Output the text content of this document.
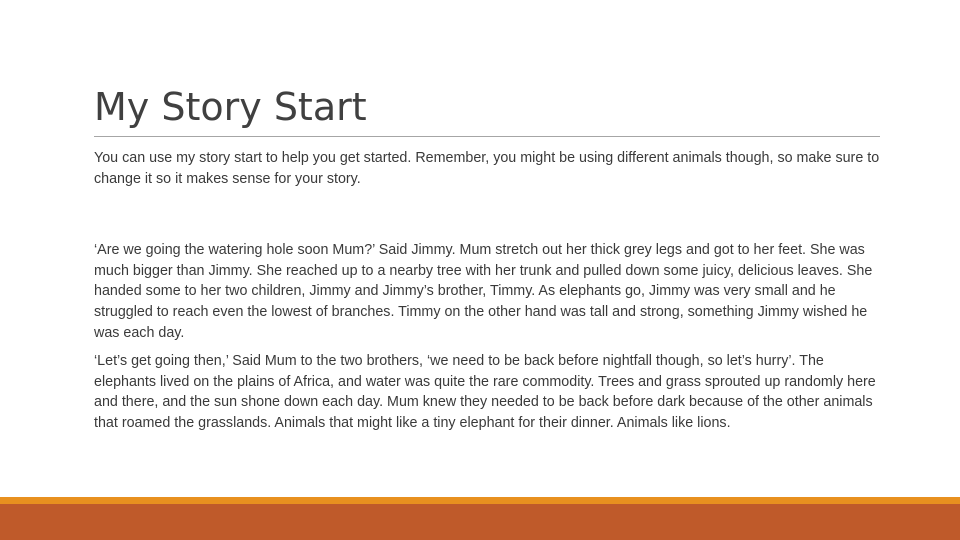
My Story Start

You can use my story start to help you get started. Remember, you might be using different animals though, so make sure to change it so it makes sense for your story.

‘Are we going the watering hole soon Mum?’ Said Jimmy. Mum stretch out her thick grey legs and got to her feet. She was much bigger than Jimmy. She reached up to a nearby tree with her trunk and pulled down some juicy, delicious leaves. She handed some to her two children, Jimmy and Jimmy’s brother, Timmy. As elephants go, Jimmy was very small and he struggled to reach even the lowest of branches. Timmy on the other hand was tall and strong, something Jimmy wished he was each day.

‘Let’s get going then,’ Said Mum to the two brothers, ‘we need to be back before nightfall though, so let’s hurry’. The elephants lived on the plains of Africa, and water was quite the rare commodity. Trees and grass sprouted up randomly here and there, and the sun shone down each day. Mum knew they needed to be back before dark because of the other animals that roamed the grasslands. Animals that might like a tiny elephant for their dinner. Animals like lions.
